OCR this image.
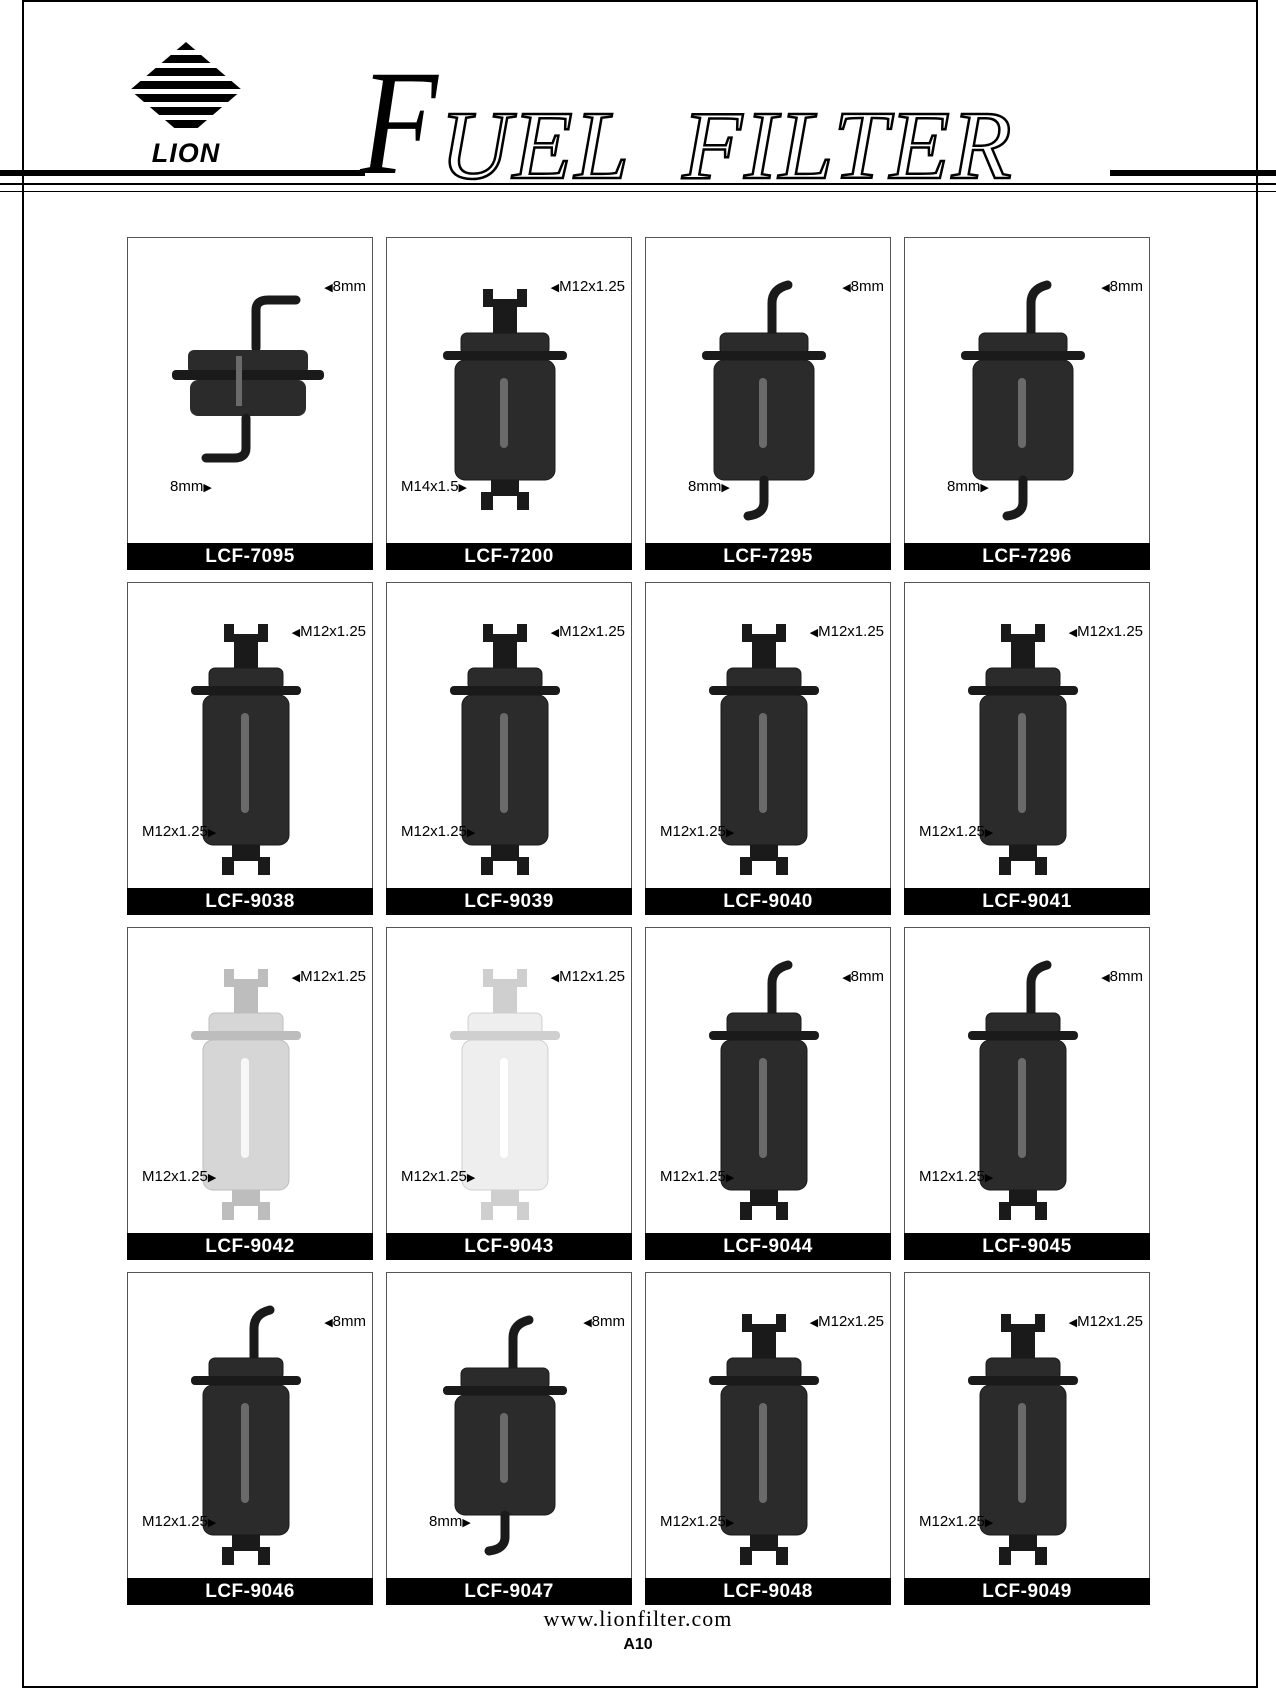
LION F UEL  FILTER
◀8mm
8mm▶
LCF-7095
◀M12x1.25
M14x1.5▶
LCF-7200
◀8mm
8mm▶
LCF-7295
◀8mm
8mm▶
LCF-7296
◀M12x1.25
M12x1.25▶
LCF-9038
◀M12x1.25
M12x1.25▶
LCF-9039
◀M12x1.25
M12x1.25▶
LCF-9040
◀M12x1.25
M12x1.25▶
LCF-9041
◀M12x1.25
M12x1.25▶
LCF-9042
◀M12x1.25
M12x1.25▶
LCF-9043
◀8mm
M12x1.25▶
LCF-9044
◀8mm
M12x1.25▶
LCF-9045
◀8mm
M12x1.25▶
LCF-9046
◀8mm
8mm▶
LCF-9047
◀M12x1.25
M12x1.25▶
LCF-9048
◀M12x1.25
M12x1.25▶
LCF-9049
www.lionfilter.com
A10
